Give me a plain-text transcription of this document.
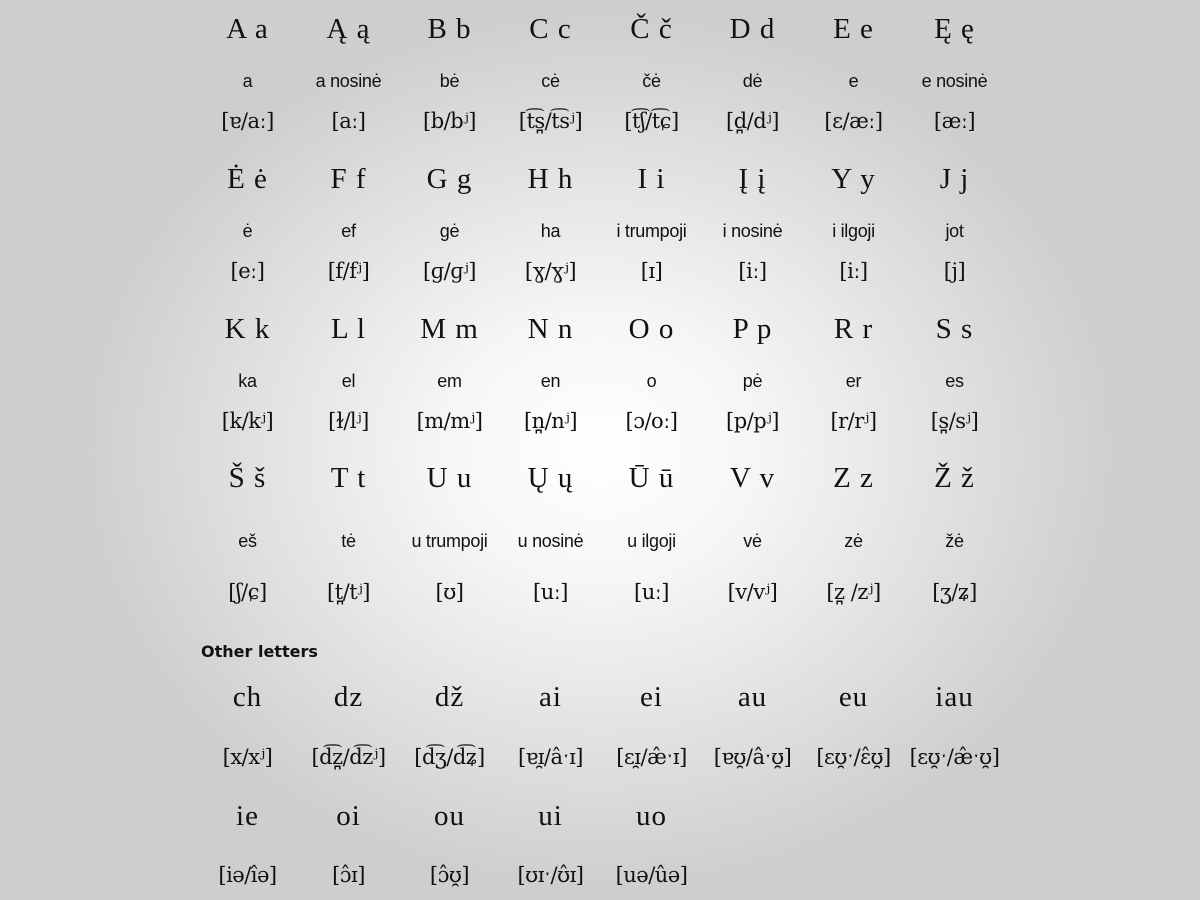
A a	Ą ą	B b	C c	Č č	D d	E e	Ę ę
a	a nosinė	bė	cė	čė	dė	e	e nosinė
[ɐ/aː]	[aː]	[b/bʲ]	[t͡s̪/t͡sʲ]	[t͡ʃ/t͡ɕ]	[d̪/dʲ]	[ɛ/æː]	[æː]
Ė ė	F f	G g	H h	I i	Į į	Y y	J j
ė	ef	gė	ha	i trumpoji	i nosinė	i ilgoji	jot
[eː]	[f/fʲ]	[ɡ/ɡʲ]	[ɣ/ɣʲ]	[ɪ]	[iː]	[iː]	[j]
K k	L l	M m	N n	O o	P p	R r	S s
ka	el	em	en	o	pė	er	es
[k/kʲ]	[ɫ/lʲ]	[m/mʲ]	[n̪/nʲ]	[ɔ/oː]	[p/pʲ]	[r/rʲ]	[s̪/sʲ]
Š š	T t	U u	Ų ų	Ū ū	V v	Z z	Ž ž
eš	tė	u trumpoji	u nosinė	u ilgoji	vė	zė	žė
[ʃ/ɕ]	[t̪/tʲ]	[ʊ]	[uː]	[uː]	[v/vʲ]	[z̪ /zʲ]	[ʒ/ʑ]
Other letters
ch	dz	dž	ai	ei	au	eu	iau
[x/xʲ]	[d͡z̪/d͡zʲ]	[d͡ʒ/d͡ʑ]	[ɐɪ̯/âˑɪ]	[ɛɪ̯/æ̂ˑɪ]	[ɐʊ̯/âˑʊ̯]	[ɛʊ̯ˑ/ɛ̂ʊ̯] [ɛʊ̯ˑ/æ̂ˑʊ̯]
ie	oi	ou	ui	uo
[iə/îə]	[ɔ̂ɪ]	[ɔ̂ʊ̯]	[ʊɪˑ/ʊ̂ɪ]	[uə/ûə]
